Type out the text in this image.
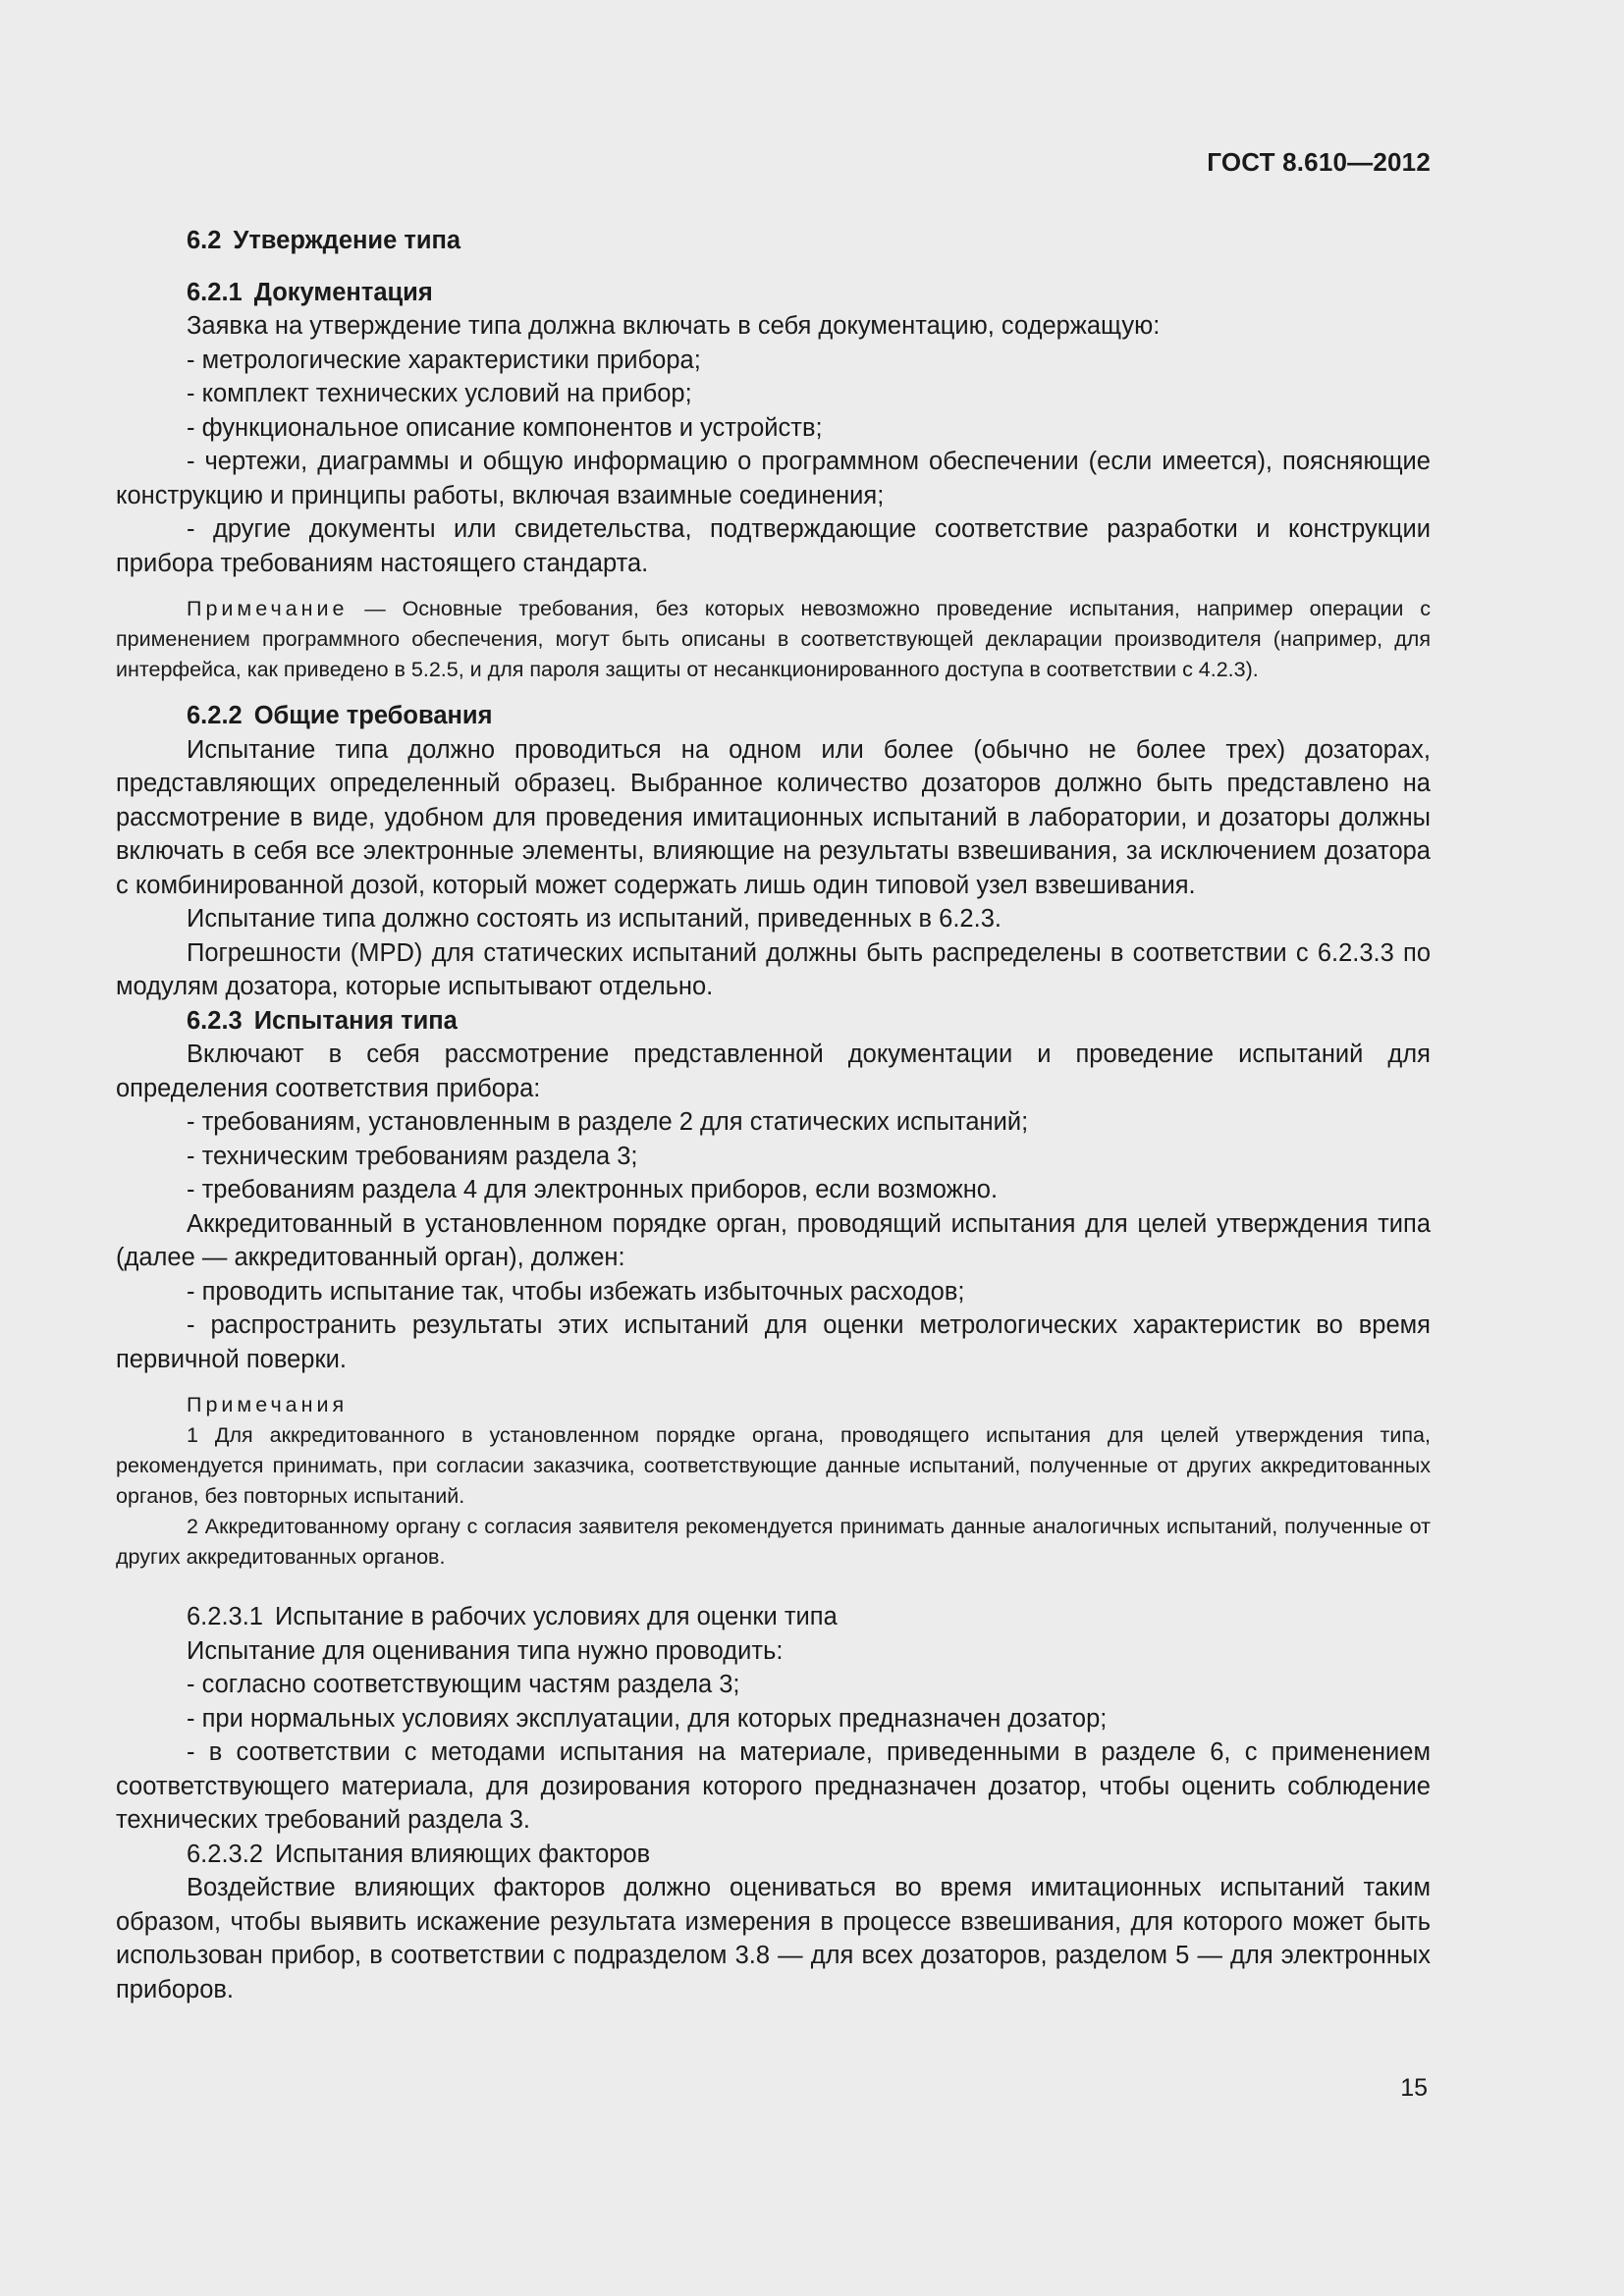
ГОСТ 8.610—2012

6.2 Утверждение типа

6.2.1 Документация

Заявка на утверждение типа должна включать в себя документацию, содержащую:

- метрологические характеристики прибора;

- комплект технических условий на прибор;

- функциональное описание компонентов и устройств;

- чертежи, диаграммы и общую информацию о программном обеспечении (если имеется), поясняющие конструкцию и принципы работы, включая взаимные соединения;

- другие документы или свидетельства, подтверждающие соответствие разработки и конструкции прибора требованиям настоящего стандарта.

Примечание — Основные требования, без которых невозможно проведение испытания, например операции с применением программного обеспечения, могут быть описаны в соответствующей декларации производителя (например, для интерфейса, как приведено в 5.2.5, и для пароля защиты от несанкционированного доступа в соответствии с 4.2.3).

6.2.2 Общие требования

Испытание типа должно проводиться на одном или более (обычно не более трех) дозаторах, представляющих определенный образец. Выбранное количество дозаторов должно быть представлено на рассмотрение в виде, удобном для проведения имитационных испытаний в лаборатории, и дозаторы должны включать в себя все электронные элементы, влияющие на результаты взвешивания, за исключением дозатора с комбинированной дозой, который может содержать лишь один типовой узел взвешивания.

Испытание типа должно состоять из испытаний, приведенных в 6.2.3.

Погрешности (MPD) для статических испытаний должны быть распределены в соответствии с 6.2.3.3 по модулям дозатора, которые испытывают отдельно.

6.2.3 Испытания типа

Включают в себя рассмотрение представленной документации и проведение испытаний для определения соответствия прибора:

- требованиям, установленным в разделе 2 для статических испытаний;

- техническим требованиям раздела 3;

- требованиям раздела 4 для электронных приборов, если возможно.

Аккредитованный в установленном порядке орган, проводящий испытания для целей утверждения типа (далее — аккредитованный орган), должен:

- проводить испытание так, чтобы избежать избыточных расходов;

- распространить результаты этих испытаний для оценки метрологических характеристик во время первичной поверки.

Примечания

1 Для аккредитованного в установленном порядке органа, проводящего испытания для целей утверждения типа, рекомендуется принимать, при согласии заказчика, соответствующие данные испытаний, полученные от других аккредитованных органов, без повторных испытаний.

2 Аккредитованному органу с согласия заявителя рекомендуется принимать данные аналогичных испытаний, полученные от других аккредитованных органов.

6.2.3.1 Испытание в рабочих условиях для оценки типа

Испытание для оценивания типа нужно проводить:

- согласно соответствующим частям раздела 3;

- при нормальных условиях эксплуатации, для которых предназначен дозатор;

- в соответствии с методами испытания на материале, приведенными в разделе 6, с применением соответствующего материала, для дозирования которого предназначен дозатор, чтобы оценить соблюдение технических требований раздела 3.

6.2.3.2 Испытания влияющих факторов

Воздействие влияющих факторов должно оцениваться во время имитационных испытаний таким образом, чтобы выявить искажение результата измерения в процессе взвешивания, для которого может быть использован прибор, в соответствии с подразделом 3.8 — для всех дозаторов, разделом 5 — для электронных приборов.

15
